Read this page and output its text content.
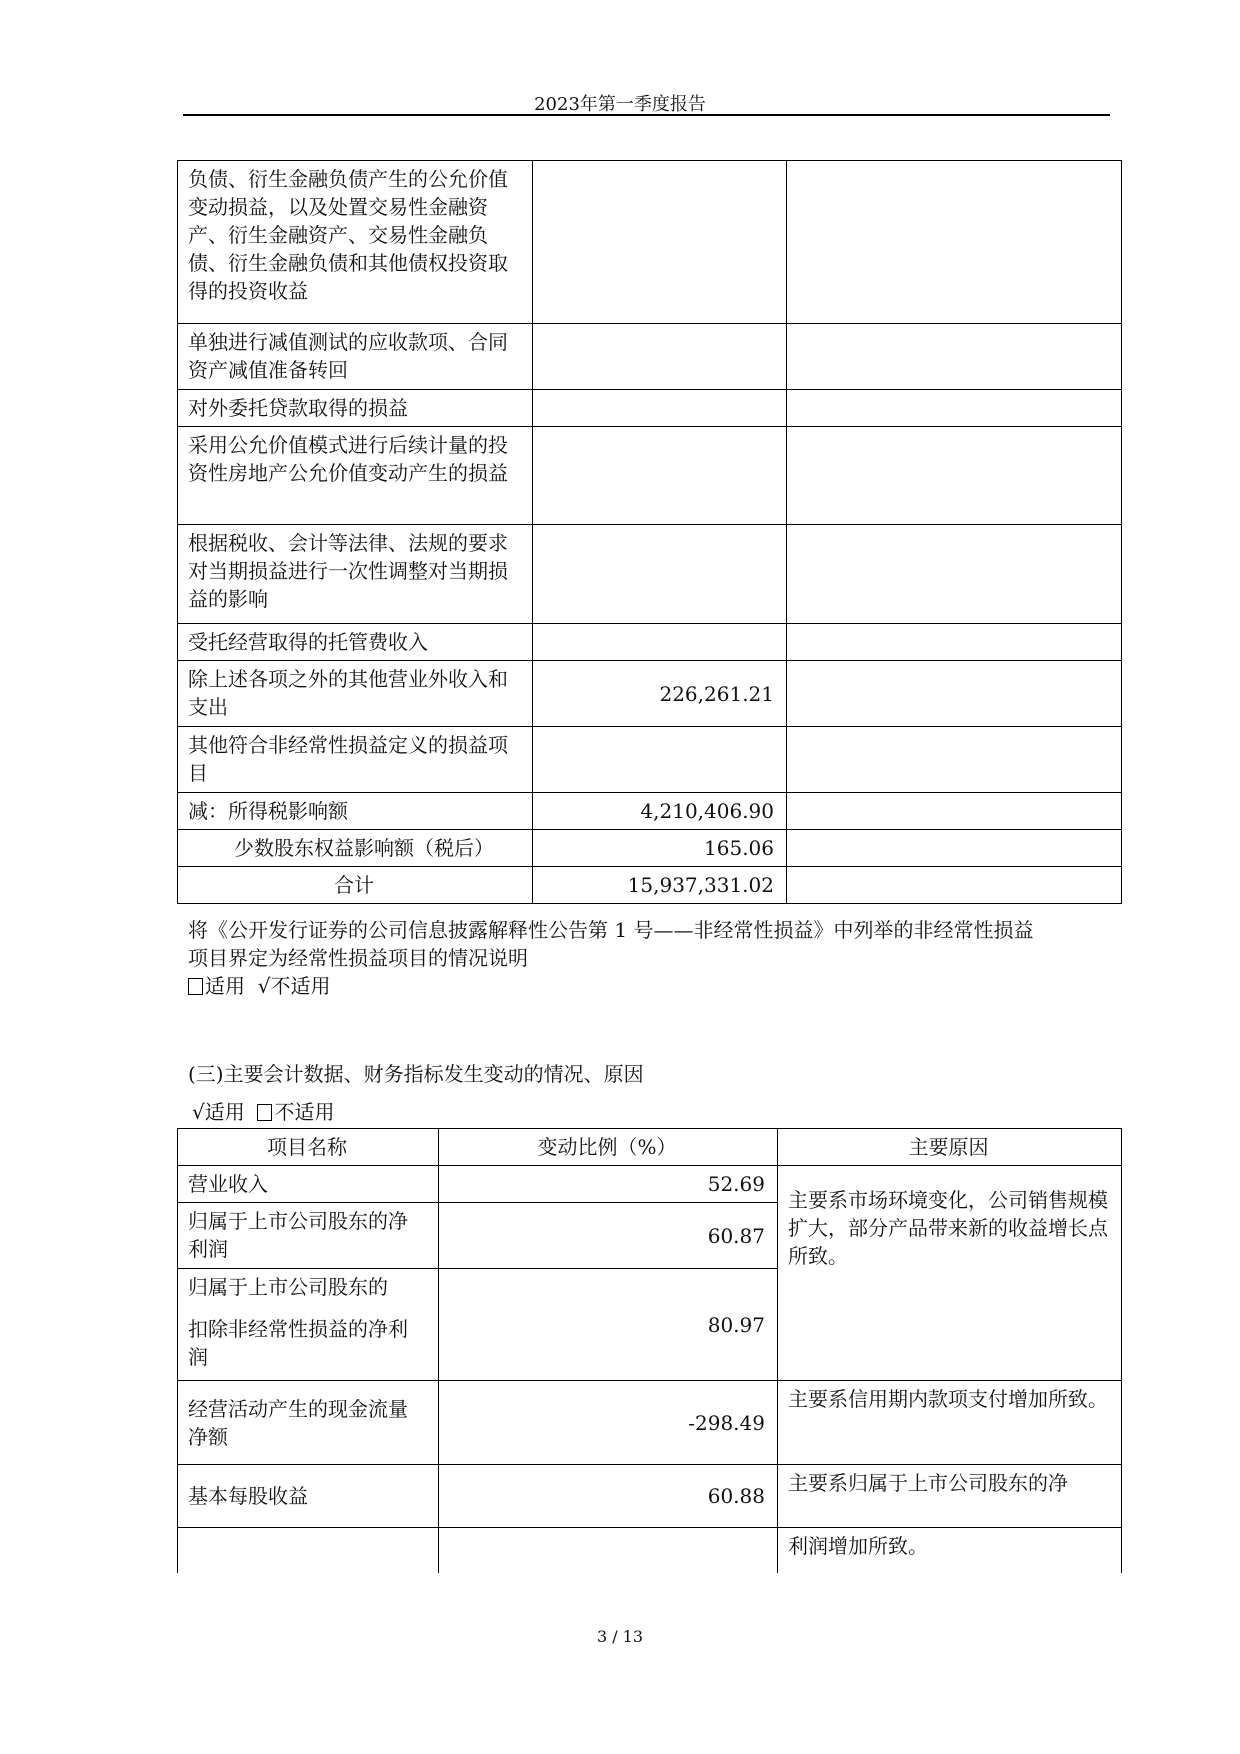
2023年第一季度报告
负债、衍生金融负债产生的公允价值变动损益，以及处置交易性金融资产、衍生金融资产、交易性金融负债、衍生金融负债和其他债权投资取得的投资收益		
单独进行减值测试的应收款项、合同资产减值准备转回		
对外委托贷款取得的损益		
采用公允价值模式进行后续计量的投资性房地产公允价值变动产生的损益		
根据税收、会计等法律、法规的要求对当期损益进行一次性调整对当期损益的影响		
受托经营取得的托管费收入		
除上述各项之外的其他营业外收入和支出	226,261.21	
其他符合非经常性损益定义的损益项目		
减：所得税影响额	4,210,406.90	
少数股东权益影响额（税后）	165.06	
合计	15,937,331.02	
将《公开发行证券的公司信息披露解释性公告第 1 号——非经常性损益》中列举的非经常性损益
项目界定为经常性损益项目的情况说明
适用 √不适用
(三)主要会计数据、财务指标发生变动的情况、原因
√适用 不适用
项目名称	变动比例（%）	主要原因
营业收入	52.69	主要系市场环境变化，公司销售规模扩大，部分产品带来新的收益增长点所致。
归属于上市公司股东的净利润	60.87	

归属于上市公司股东的
扣除非经常性损益的净利润	80.97	
经营活动产生的现金流量净额	-298.49	主要系信用期内款项支付增加所致。
基本每股收益	60.88	主要系归属于上市公司股东的净
		利润增加所致。
3 / 13
